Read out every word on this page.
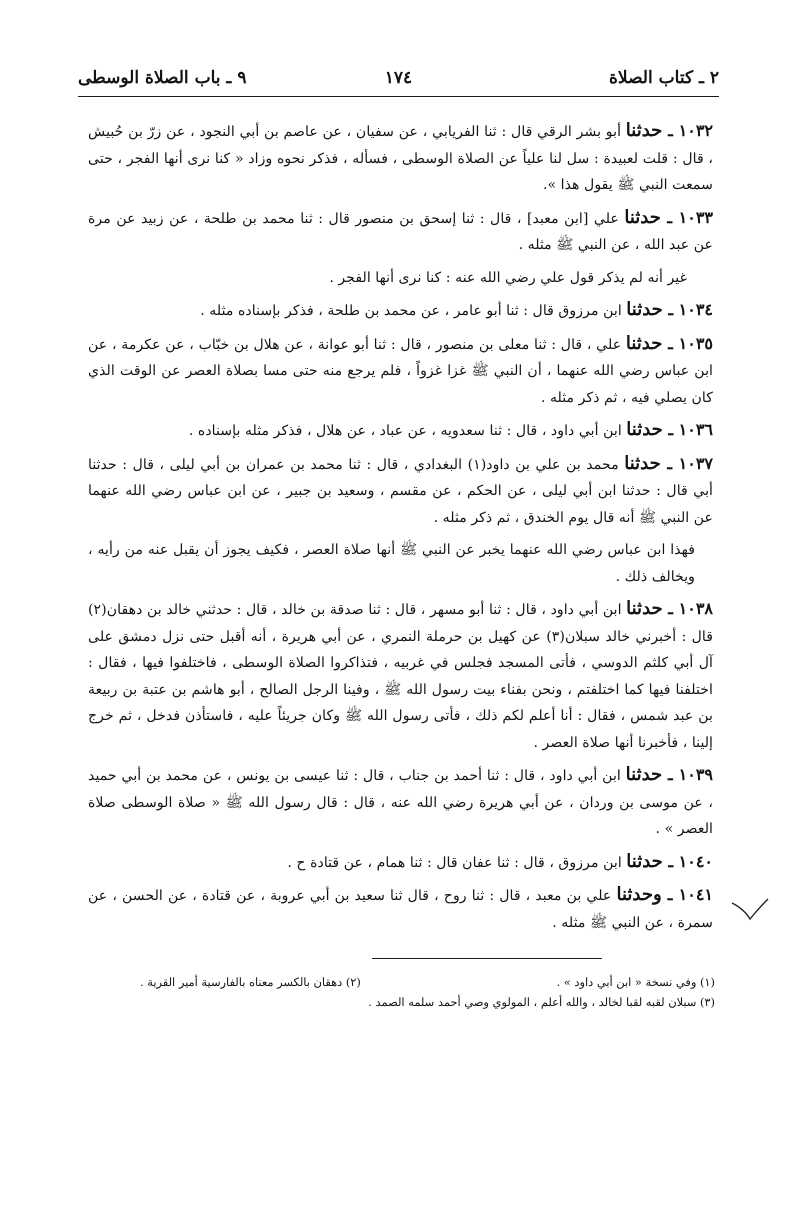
٢ ـ كتاب الصلاة
١٧٤
٩ ـ باب الصلاة الوسطى

١٠٣٢ ـ حدثنا أبو بشر الرقي قال : ثنا الفريابي ، عن سفيان ، عن عاصم بن أبي النجود ، عن زرّ بن حُبيش ، قال : قلت لعبيدة : سل لنا علياً عن الصلاة الوسطى ، فسأله ، فذكر نحوه وزاد « كنا نرى أنها الفجر ، حتى سمعت النبي ﷺ يقول هذا ».

١٠٣٣ ـ حدثنا علي [ابن معبد] ، قال : ثنا إسحق بن منصور قال : ثنا محمد بن طلحة ، عن زبيد عن مرة عن عبد الله ، عن النبي ﷺ مثله .

غير أنه لم يذكر قول علي رضي الله عنه : كنا نرى أنها الفجر .

١٠٣٤ ـ حدثنا ابن مرزوق قال : ثنا أبو عامر ، عن محمد بن طلحة ، فذكر بإسناده مثله .

١٠٣٥ ـ حدثنا علي ، قال : ثنا معلى بن منصور ، قال : ثنا أبو عوانة ، عن هلال بن خبّاب ، عن عكرمة ، عن ابن عباس رضي الله عنهما ، أن النبي ﷺ غزا غزواً ، فلم يرجع منه حتى مسا بصلاة العصر عن الوقت الذي كان يصلي فيه ، ثم ذكر مثله .

١٠٣٦ ـ حدثنا ابن أبي داود ، قال : ثنا سعدويه ، عن عباد ، عن هلال ، فذكر مثله بإسناده .

١٠٣٧ ـ حدثنا محمد بن علي بن داود(١) البغدادي ، قال : ثنا محمد بن عمران بن أبي ليلى ، قال : حدثنا أبي قال : حدثنا ابن أبي ليلى ، عن الحكم ، عن مقسم ، وسعيد بن جبير ، عن ابن عباس رضي الله عنهما عن النبي ﷺ أنه قال يوم الخندق ، ثم ذكر مثله .

فهذا ابن عباس رضي الله عنهما يخبر عن النبي ﷺ أنها صلاة العصر ، فكيف يجوز أن يقبل عنه من رأيه ، ويخالف ذلك .

١٠٣٨ ـ حدثنا ابن أبي داود ، قال : ثنا أبو مسهر ، قال : ثنا صدقة بن خالد ، قال : حدثني خالد بن دهقان(٢) قال : أخبرني خالد سبلان(٣) عن كهيل بن حرملة النمري ، عن أبي هريرة ، أنه أقبل حتى نزل دمشق على آل أبي كلثم الدوسي ، فأتى المسجد فجلس في غربيه ، فتذاكروا الصلاة الوسطى ، فاختلفوا فيها ، فقال : اختلفنا فيها كما اختلفتم ، ونحن بفناء بيت رسول الله ﷺ ، وفينا الرجل الصالح ، أبو هاشم بن عتبة بن ربيعة بن عبد شمس ، فقال : أنا أعلم لكم ذلك ، فأتى رسول الله ﷺ وكان جريئاً عليه ، فاستأذن فدخل ، ثم خرج إلينا ، فأخبرنا أنها صلاة العصر .

١٠٣٩ ـ حدثنا ابن أبي داود ، قال : ثنا أحمد بن جناب ، قال : ثنا عيسى بن يونس ، عن محمد بن أبي حميد ، عن موسى بن وردان ، عن أبي هريرة رضي الله عنه ، قال : قال رسول الله ﷺ « صلاة الوسطى صلاة العصر » .

١٠٤٠ ـ حدثنا ابن مرزوق ، قال : ثنا عفان قال : ثنا همام ، عن قتادة ح .

١٠٤١ ـ وحدثنا علي بن معبد ، قال : ثنا روح ، قال ثنا سعيد بن أبي عروبة ، عن قتادة ، عن الحسن ، عن سمرة ، عن النبي ﷺ مثله .

(١) وفي نسخة « ابن أبي داود » .
(٢) دهقان بالكسر معناه بالفارسية أمير القرية .
(٣) سبلان لقبه لقبا لخالد ، والله أعلم ، المولوي وصي أحمد سلمه الصمد .
